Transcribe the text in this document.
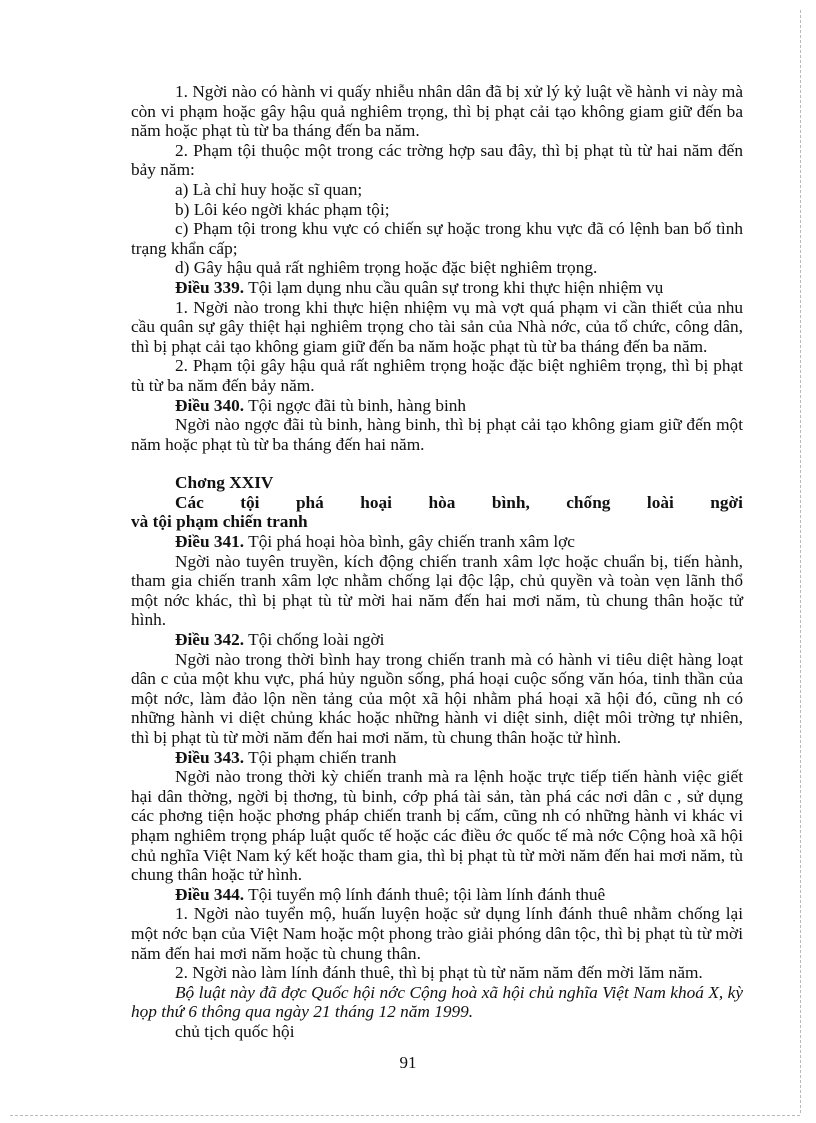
1. Ngời nào có hành vi quấy nhiễu nhân dân đã bị xử lý kỷ luật về hành vi này mà còn vi phạm hoặc gây hậu quả nghiêm trọng, thì bị phạt cải tạo không giam giữ đến ba năm hoặc phạt tù từ ba tháng đến ba năm.

2. Phạm tội thuộc một trong các trờng hợp sau đây, thì bị phạt tù từ hai năm đến bảy năm:

a) Là chỉ huy hoặc sĩ quan;

b) Lôi kéo ngời khác phạm tội;

c) Phạm tội trong khu vực có chiến sự hoặc trong khu vực đã có lệnh ban bố tình trạng khẩn cấp;

d) Gây hậu quả rất nghiêm trọng hoặc đặc biệt nghiêm trọng.

Điều 339. Tội lạm dụng nhu cầu quân sự trong khi thực hiện nhiệm vụ

1. Ngời nào trong khi thực hiện nhiệm vụ mà vợt quá phạm vi cần thiết của nhu cầu quân sự gây thiệt hại nghiêm trọng cho tài sản của Nhà nớc, của tổ chức, công dân, thì bị phạt cải tạo không giam giữ đến ba năm hoặc phạt tù từ ba tháng đến ba năm.

2. Phạm tội gây hậu quả rất nghiêm trọng hoặc đặc biệt nghiêm trọng, thì bị phạt tù từ ba năm đến bảy năm.

Điều 340. Tội ngợc đãi tù binh, hàng binh

Ngời nào ngợc đãi tù binh, hàng binh, thì bị phạt cải tạo không giam giữ đến một năm hoặc phạt tù từ ba tháng đến hai năm.

Chơng XXIV

Các tội phá hoại hòa bình, chống loài ngời
và tội phạm chiến tranh

Điều 341. Tội phá hoại hòa bình, gây chiến tranh xâm lợc

Ngời nào tuyên truyền, kích động chiến tranh xâm lợc hoặc chuẩn bị, tiến hành, tham gia chiến tranh xâm lợc nhằm chống lại độc lập, chủ quyền và toàn vẹn lãnh thổ một nớc khác, thì bị phạt tù từ mời hai năm đến hai mơi năm, tù chung thân hoặc tử hình.

Điều 342. Tội chống loài ngời

Ngời nào trong thời bình hay trong chiến tranh mà có hành vi tiêu diệt hàng loạt dân c của một khu vực, phá hủy nguồn sống, phá hoại cuộc sống văn hóa, tinh thần của một nớc, làm đảo lộn nền tảng của một xã hội nhằm phá hoại xã hội đó, cũng nh có những hành vi diệt chủng khác hoặc những hành vi diệt sinh, diệt môi trờng tự nhiên, thì bị phạt tù từ mời năm đến hai mơi năm, tù chung thân hoặc tử hình.

Điều 343. Tội phạm chiến tranh

Ngời nào trong thời kỳ chiến tranh mà ra lệnh hoặc trực tiếp tiến hành việc giết hại dân thờng, ngời bị thơng, tù binh, cớp phá tài sản, tàn phá các nơi dân c , sử dụng các phơng tiện hoặc phơng pháp chiến tranh bị cấm, cũng nh có những hành vi khác vi phạm nghiêm trọng pháp luật quốc tế hoặc các điều ớc quốc tế mà nớc Cộng hoà xã hội chủ nghĩa Việt Nam ký kết hoặc tham gia, thì bị phạt tù từ mời năm đến hai mơi năm, tù chung thân hoặc tử hình.

Điều 344. Tội tuyển mộ lính đánh thuê; tội làm lính đánh thuê

1. Ngời nào tuyển mộ, huấn luyện hoặc sử dụng lính đánh thuê nhằm chống lại một nớc bạn của Việt Nam hoặc một phong trào giải phóng dân tộc, thì bị phạt tù từ mời năm đến hai mơi năm hoặc tù chung thân.

2. Ngời nào làm lính đánh thuê, thì bị phạt tù từ năm năm đến mời lăm năm.

Bộ luật này đã đợc Quốc hội nớc Cộng hoà xã hội chủ nghĩa Việt Nam khoá X, kỳ họp thứ 6 thông qua ngày 21 tháng 12 năm 1999.

chủ tịch quốc hội

91
